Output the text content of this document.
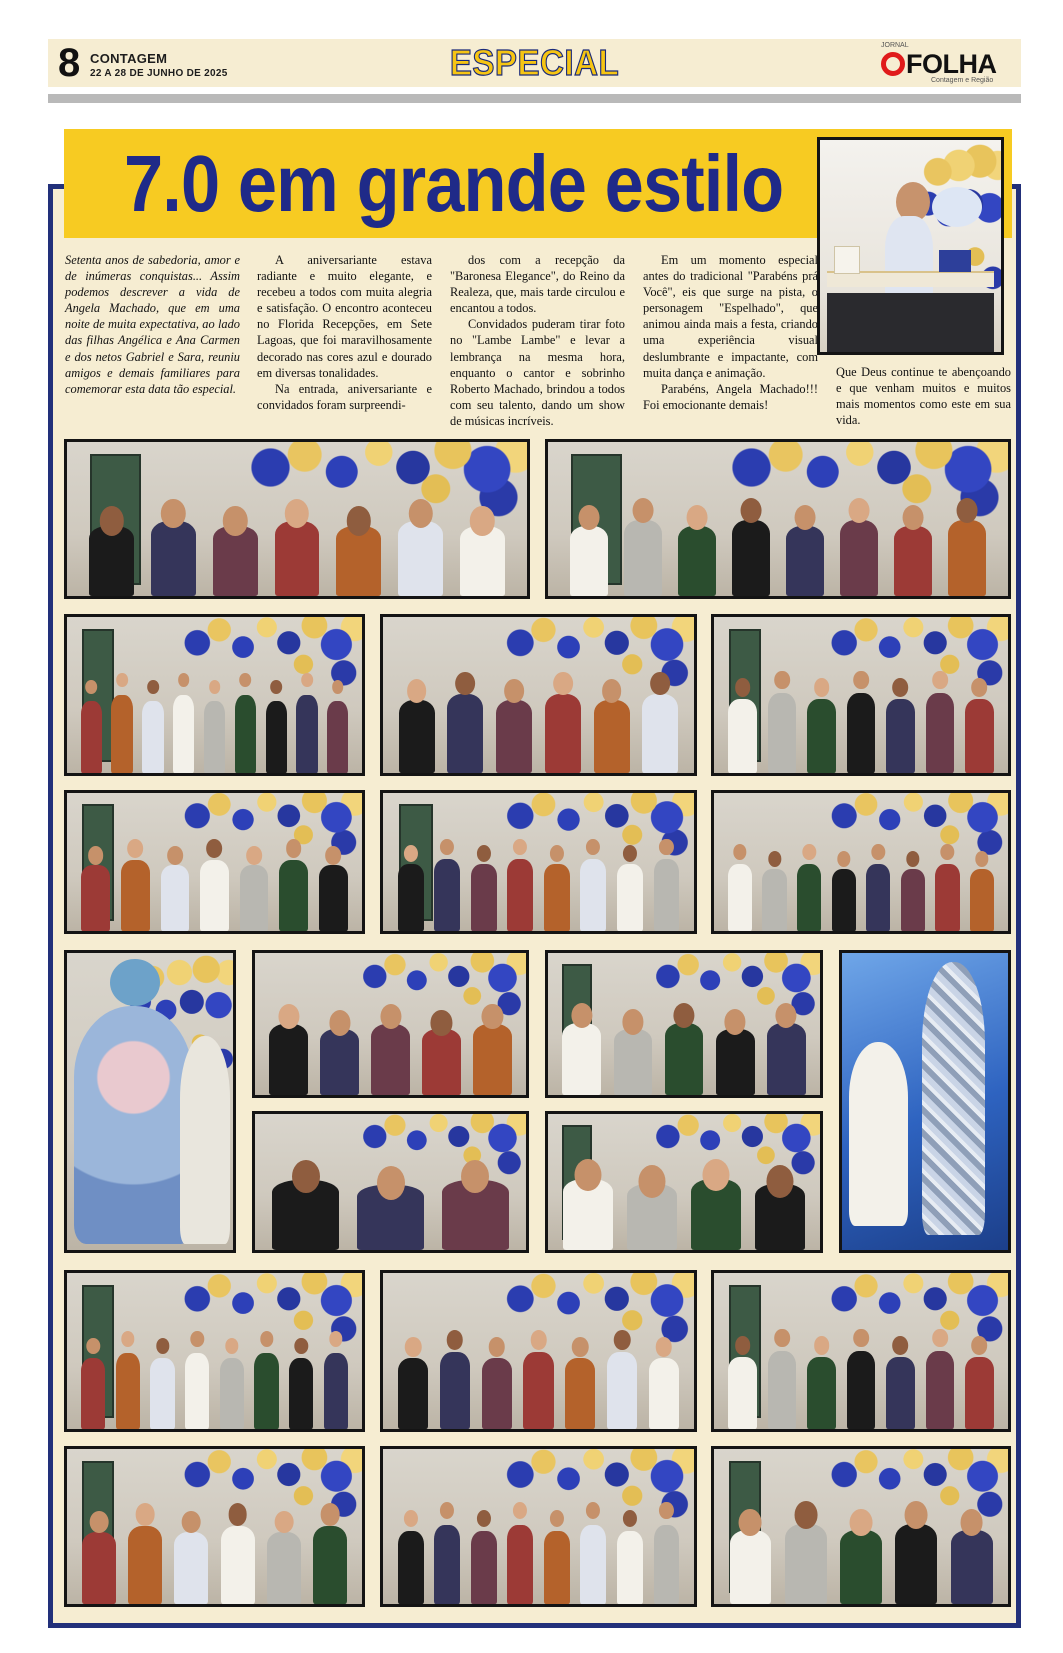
8 CONTAGEM
22 A 28 DE JUNHO DE 2025	ESPECIAL	JORNAL
FOLHA
Contagem e Região
7.0 em grande estilo

Setenta anos de sabedoria, amor e de inúmeras conquistas... Assim podemos descrever a vida de Angela Machado, que em uma noite de muita expectativa, ao lado das filhas Angélica e Ana Carmen e dos netos Gabriel e Sara, reuniu amigos e demais familiares para comemorar esta data tão especial.

A aniversariante estava radiante e muito elegante, e recebeu a todos com muita alegria e satisfação. O encontro aconteceu no Florida Recepções, em Sete Lagoas, que foi maravilhosamente decorado nas cores azul e dourado em diversas tonalidades.

Na entrada, aniversariante e convidados foram surpreendi-

dos com a recepção da "Baronesa Elegance", do Reino da Realeza, que, mais tarde circulou e encantou a todos.

Convidados puderam tirar foto no "Lambe Lambe" e levar a lembrança na mesma hora, enquanto o cantor e sobrinho Roberto Machado, brindou a todos com seu talento, dando um show de músicas incríveis.

Em um momento especial antes do tradicional "Parabéns prá Você", eis que surge na pista, o personagem "Espelhado", que animou ainda mais a festa, criando uma experiência visual deslumbrante e impactante, com muita dança e animação.

Parabéns, Angela Machado!!! Foi emocionante demais!

Que Deus continue te abençoando e que venham muitos e muitos mais momentos como este em sua vida.
